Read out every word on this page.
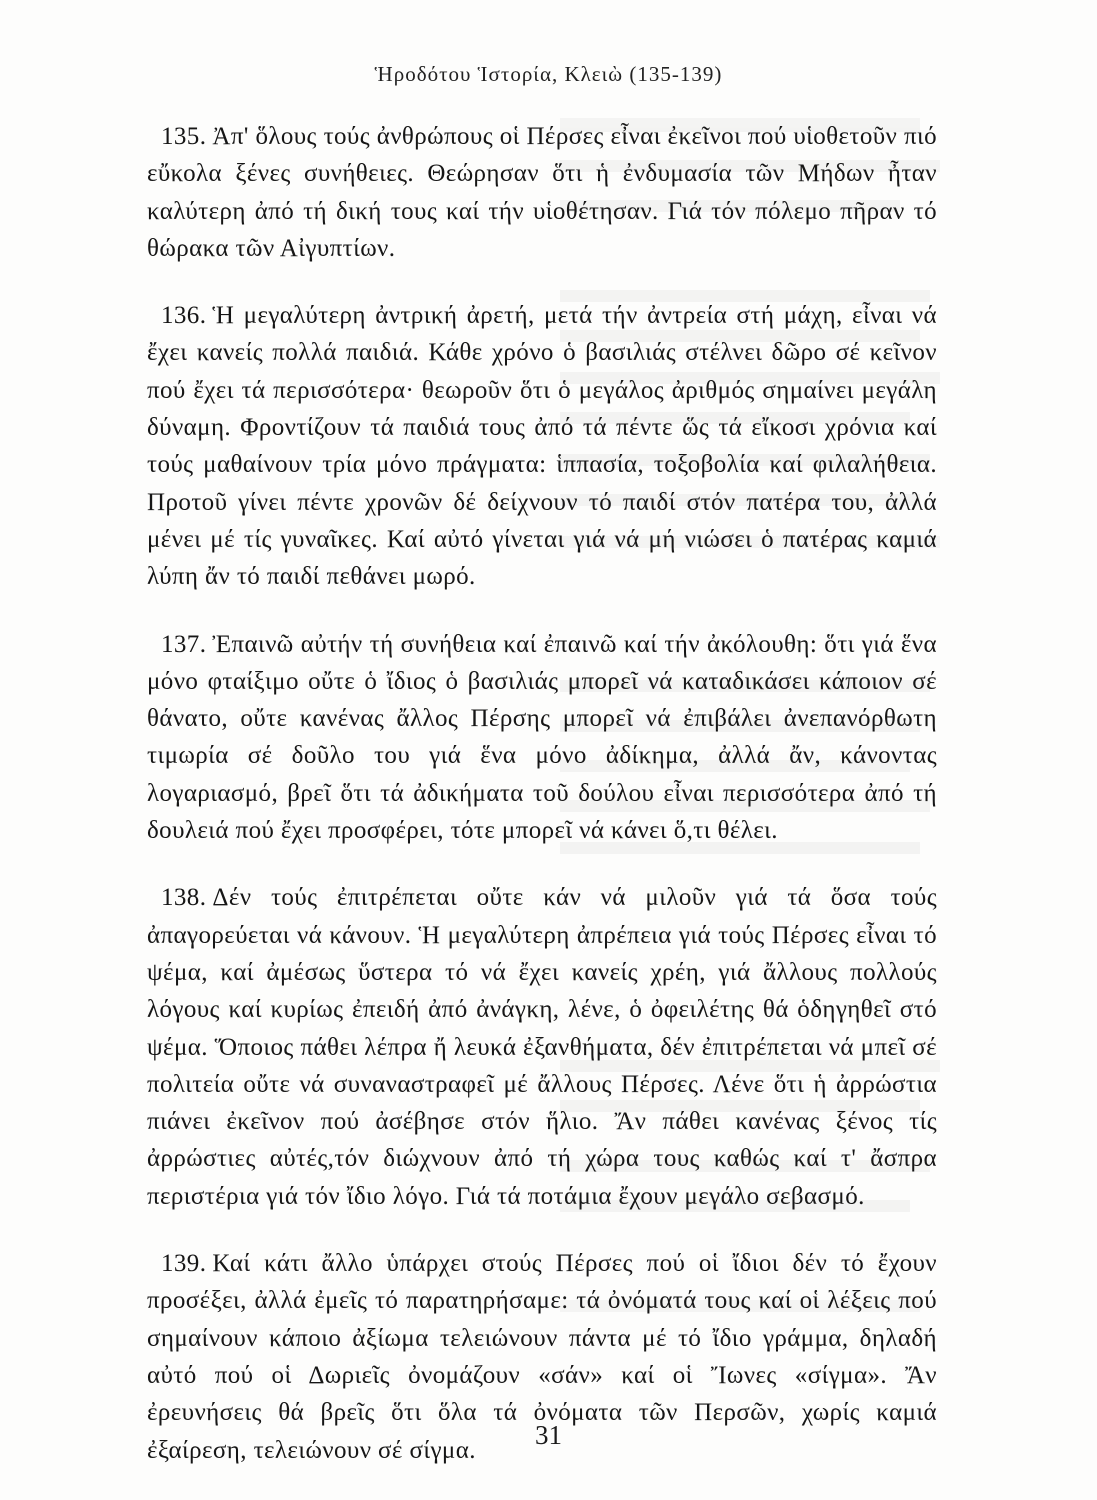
Ἡροδότου Ἱστορία, Κλειὼ (135-139)

135. Ἀπ' ὅλους τούς ἀνθρώπους οἱ Πέρσες εἶναι ἐκεῖνοι πού υἱοθετοῦν πιό εὔκολα ξένες συνήθειες. Θεώρησαν ὅτι ἡ ἐνδυμασία τῶν Μήδων ἦταν καλύτερη ἀπό τή δική τους καί τήν υἱοθέτησαν. Γιά τόν πόλεμο πῆραν τό θώρακα τῶν Αἰγυπτίων.

136. Ἡ μεγαλύτερη ἀντρική ἀρετή, μετά τήν ἀντρεία στή μάχη, εἶναι νά ἔχει κανείς πολλά παιδιά. Κάθε χρόνο ὁ βασιλιάς στέλνει δῶρο σέ κεῖνον πού ἔχει τά περισσότερα· θεωροῦν ὅτι ὁ μεγάλος ἀριθμός σημαίνει μεγάλη δύναμη. Φροντίζουν τά παιδιά τους ἀπό τά πέντε ὥς τά εἴκοσι χρόνια καί τούς μαθαίνουν τρία μόνο πράγματα: ἱππασία, τοξοβολία καί φιλαλήθεια. Προτοῦ γίνει πέντε χρονῶν δέ δείχνουν τό παιδί στόν πατέρα του, ἀλλά μένει μέ τίς γυναῖκες. Καί αὐτό γίνεται γιά νά μή νιώσει ὁ πατέρας καμιά λύπη ἄν τό παιδί πεθάνει μωρό.

137. Ἐπαινῶ αὐτήν τή συνήθεια καί ἐπαινῶ καί τήν ἀκόλουθη: ὅτι γιά ἕνα μόνο φταίξιμο οὔτε ὁ ἴδιος ὁ βασιλιάς μπορεῖ νά καταδικάσει κάποιον σέ θάνατο, οὔτε κανένας ἄλλος Πέρσης μπορεῖ νά ἐπιβάλει ἀνεπανόρθωτη τιμωρία σέ δοῦλο του γιά ἕνα μόνο ἀδίκημα, ἀλλά ἄν, κάνοντας λογαριασμό, βρεῖ ὅτι τά ἀδικήματα τοῦ δούλου εἶναι περισσότερα ἀπό τή δουλειά πού ἔχει προσφέρει, τότε μπορεῖ νά κάνει ὅ,τι θέλει.

138. Δέν τούς ἐπιτρέπεται οὔτε κάν νά μιλοῦν γιά τά ὅσα τούς ἀπαγορεύεται νά κάνουν. Ἡ μεγαλύτερη ἀπρέπεια γιά τούς Πέρσες εἶναι τό ψέμα, καί ἀμέσως ὕστερα τό νά ἔχει κανείς χρέη, γιά ἄλλους πολλούς λόγους καί κυρίως ἐπειδή ἀπό ἀνάγκη, λένε, ὁ ὀφειλέτης θά ὁδηγηθεῖ στό ψέμα. Ὅποιος πάθει λέπρα ἤ λευκά ἐξανθήματα, δέν ἐπιτρέπεται νά μπεῖ σέ πολιτεία οὔτε νά συναναστραφεῖ μέ ἄλλους Πέρσες. Λένε ὅτι ἡ ἀρρώστια πιάνει ἐκεῖνον πού ἀσέβησε στόν ἥλιο. Ἄν πάθει κανένας ξένος τίς ἀρρώστιες αὐτές,τόν διώχνουν ἀπό τή χώρα τους καθώς καί τ' ἄσπρα περιστέρια γιά τόν ἴδιο λόγο. Γιά τά ποτάμια ἔχουν μεγάλο σεβασμό.

139. Καί κάτι ἄλλο ὑπάρχει στούς Πέρσες πού οἱ ἴδιοι δέν τό ἔχουν προσέξει, ἀλλά ἐμεῖς τό παρατηρήσαμε: τά ὀνόματά τους καί οἱ λέξεις πού σημαίνουν κάποιο ἀξίωμα τελειώνουν πάντα μέ τό ἴδιο γράμμα, δηλαδή αὐτό πού οἱ Δωριεῖς ὀνομάζουν «σάν» καί οἱ Ἴωνες «σίγμα». Ἄν ἐρευνήσεις θά βρεῖς ὅτι ὅλα τά ὀνόματα τῶν Περσῶν, χωρίς καμιά ἐξαίρεση, τελειώνουν σέ σίγμα.	31
